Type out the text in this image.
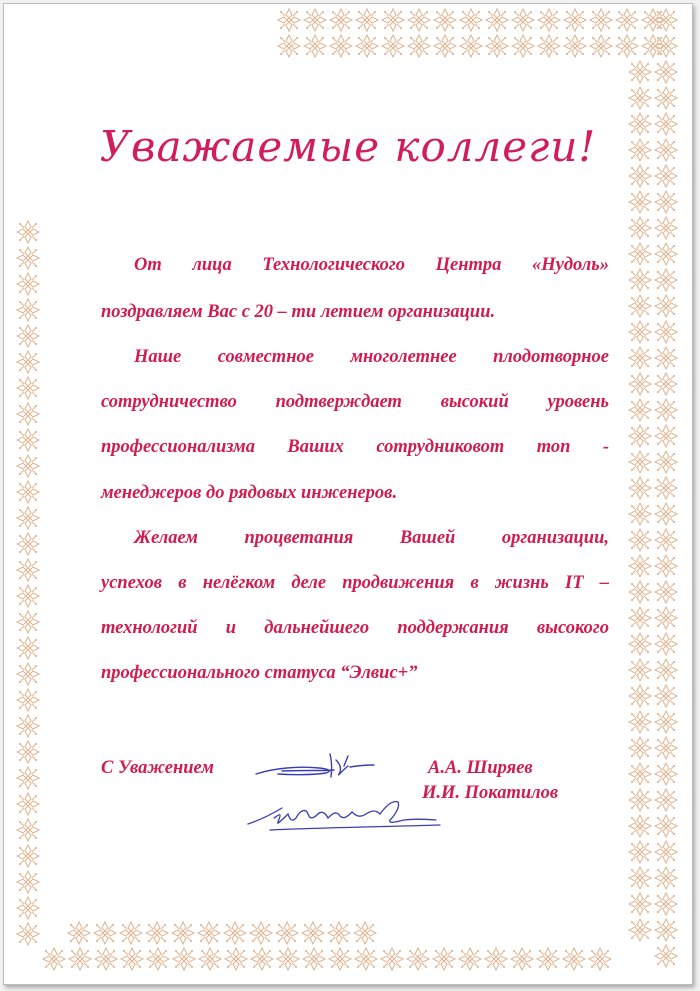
Уважаемые коллеги!
От лица Технологического Центра «Нудоль»
поздравляем Вас с 20 – ти летием организации.
Наше совместное многолетнее плодотворное
сотрудничество подтверждает высокий уровень
профессионализма Ваших сотрудниковот топ -
менеджеров до рядовых инженеров.
Желаем процветания Вашей организации,
успехов в нелёгком деле продвижения в жизнь IT –
технологий и дальнейшего поддержания высокого
профессионального статуса “Элвис+”
С Уважением	А.А. Ширяев
И.И. Покатилов
